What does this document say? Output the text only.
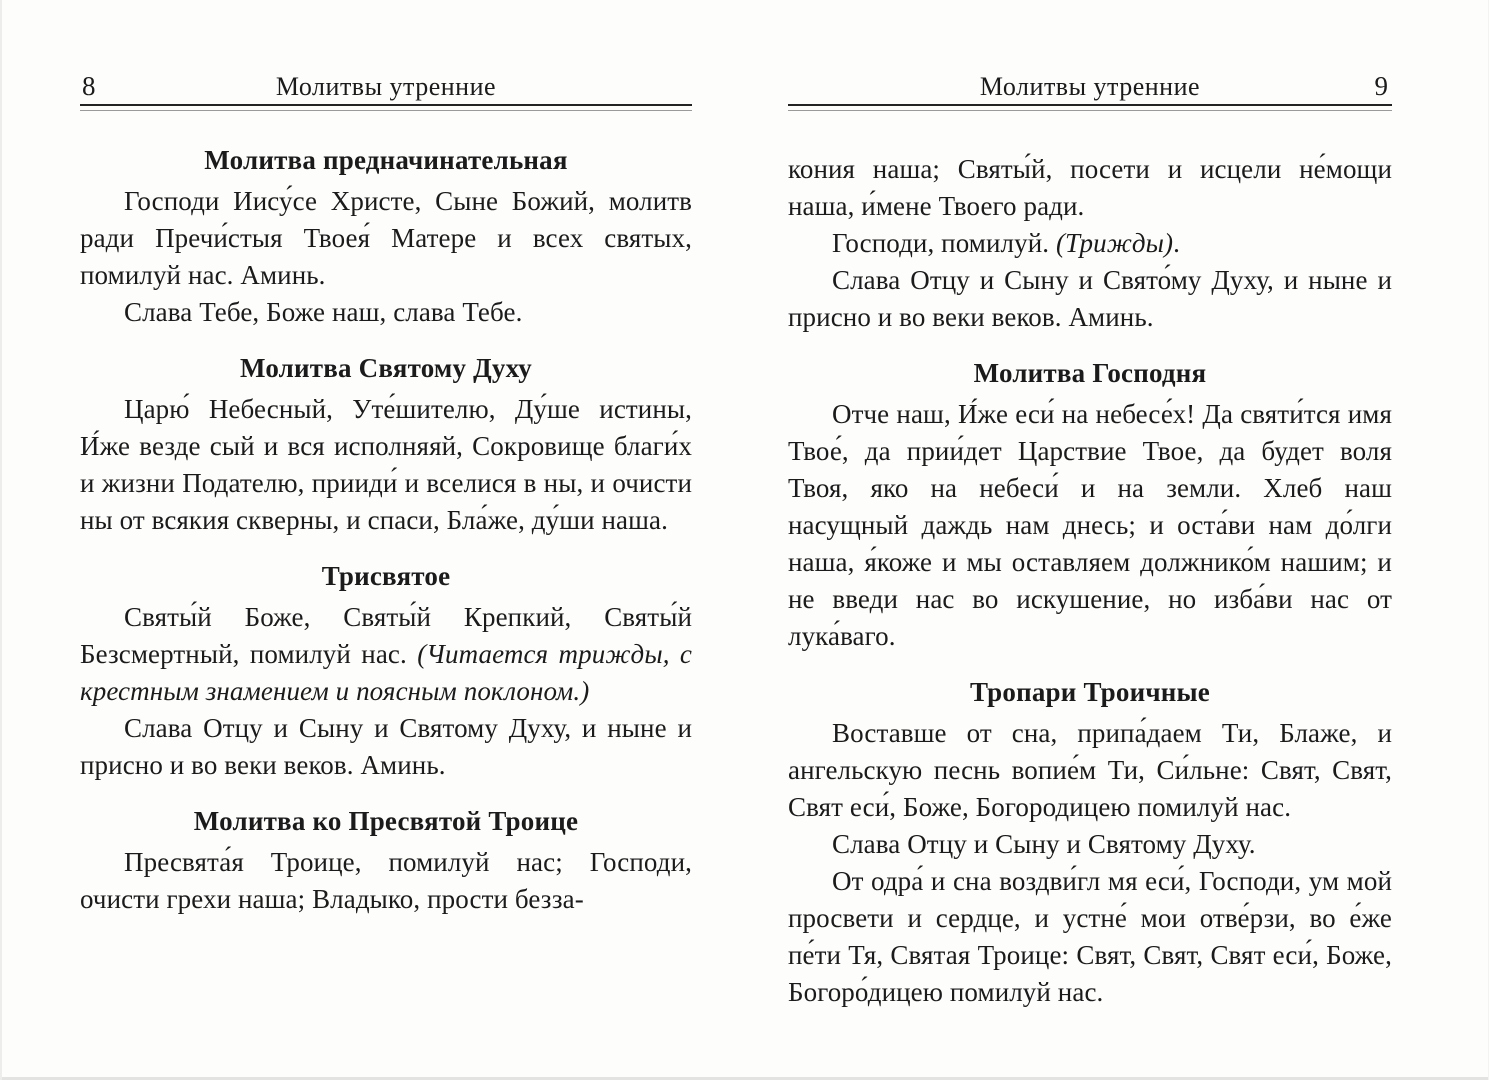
8	Молитвы утренние
Молитва предначинательная

Господи Иису́се Христе, Сыне Божий, молитв ради Пречи́стыя Твоея́ Матере и всех святых, помилуй нас. Аминь.

Слава Тебе, Боже наш, слава Тебе.

Молитва Святому Духу

Царю́ Небесный, Уте́шителю, Ду́ше истины, И́же везде сый и вся исполняяй, Сокровище благи́х и жизни Подателю, прииди́ и вселися в ны, и очисти ны от всякия скверны, и спаси, Бла́же, ду́ши наша.

Трисвятое

Святы́й Боже, Святы́й Крепкий, Святы́й Безсмертный, помилуй нас. (Читается трижды, с крестным знамением и поясным поклоном.)

Слава Отцу и Сыну и Святому Духу, и ныне и присно и во веки веков. Аминь.

Молитва ко Пресвятой Троице

Пресвята́я Троице, помилуй нас; Господи, очисти грехи наша; Владыко, прости безза-

Молитвы утренние	9

кония наша; Святы́й, посети и исцели не́мощи наша, и́мене Твоего ради.

Господи, помилуй. (Трижды).

Слава Отцу и Сыну и Свято́му Духу, и ныне и присно и во веки веков. Аминь.

Молитва Господня

Отче наш, И́же еси́ на небесе́х! Да святи́тся имя Твое́, да прии́дет Царствие Твое, да будет воля Твоя, яко на небеси́ и на земли. Хлеб наш насущный даждь нам днесь; и оста́ви нам до́лги наша, я́коже и мы оставляем должнико́м нашим; и не введи нас во искушение, но изба́ви нас от лука́ваго.

Тропари Троичные

Воставше от сна, припа́даем Ти, Блаже, и ангельскую песнь вопие́м Ти, Си́льне: Свят, Свят, Свят еси́, Боже, Богородицею помилуй нас.

Слава Отцу и Сыну и Святому Духу.

От одра́ и сна воздви́гл мя еси́, Господи, ум мой просвети и сердце, и устне́ мои отве́рзи, во е́же пе́ти Тя, Святая Троице: Свят, Свят, Свят еси́, Боже, Богоро́дицею помилуй нас.
